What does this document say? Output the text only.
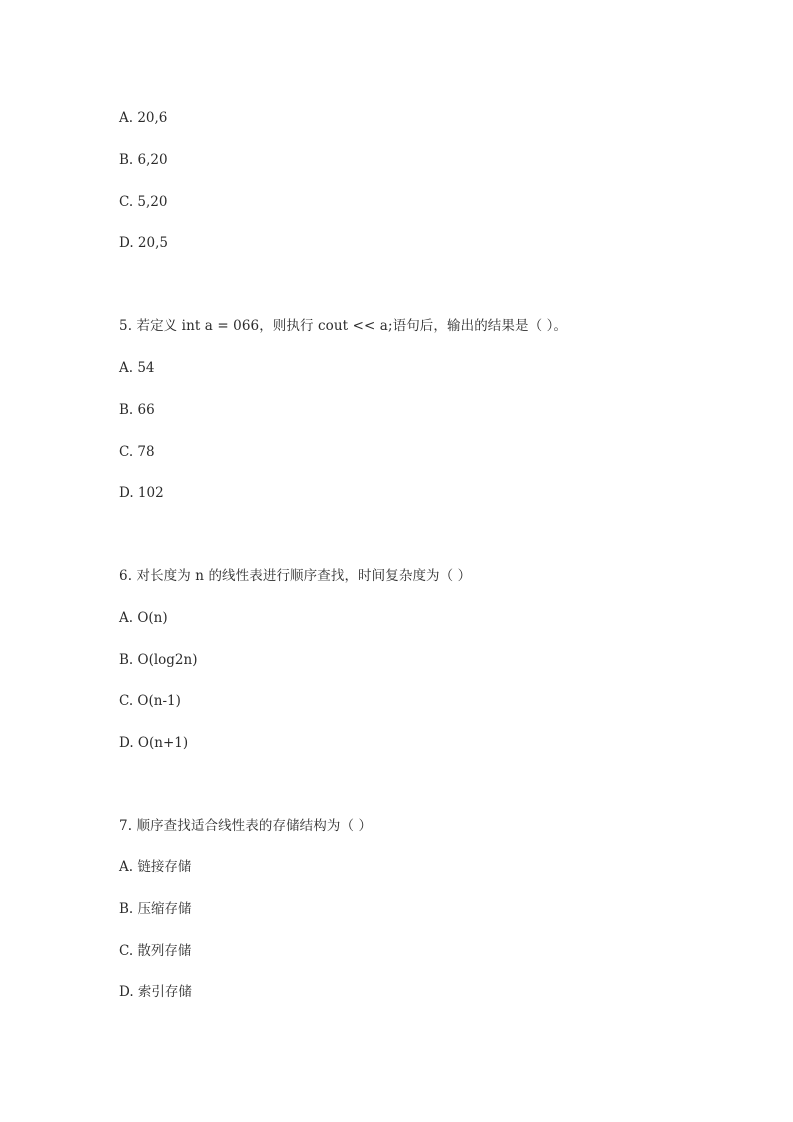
A. 20,6

B. 6,20

C. 5,20

D. 20,5

5. 若定义 int a = 066，则执行 cout << a;语句后，输出的结果是（ ）。

A. 54

B. 66

C. 78

D. 102

6. 对长度为 n 的线性表进行顺序查找，时间复杂度为（ ）

A. O(n)

B. O(log2n)

C. O(n-1)

D. O(n+1)

7. 顺序查找适合线性表的存储结构为（ ）

A. 链接存储

B. 压缩存储

C. 散列存储

D. 索引存储
